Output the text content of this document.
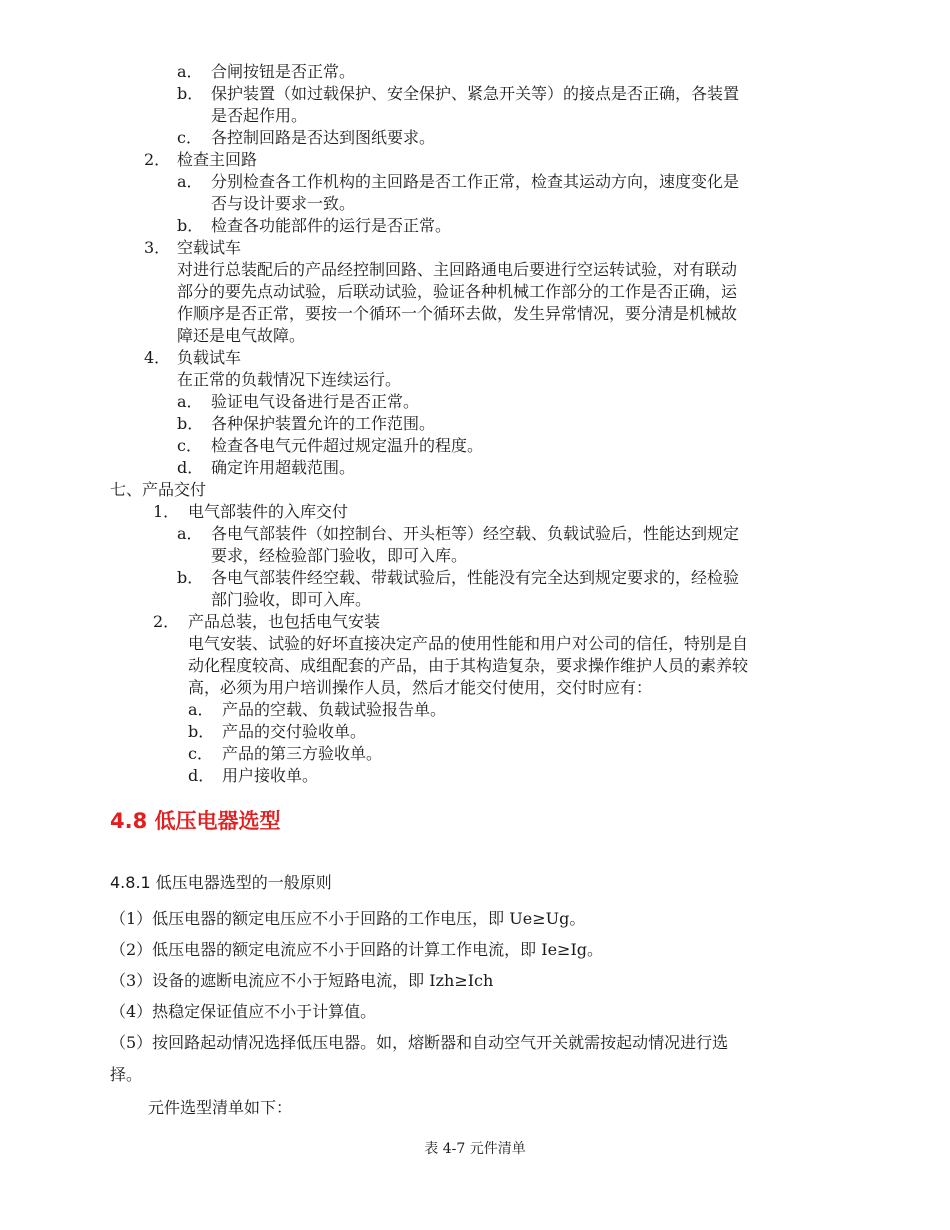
a． 合闸按钮是否正常。
b． 保护装置（如过载保护、安全保护、紧急开关等）的接点是否正确，各装置
是否起作用。
c． 各控制回路是否达到图纸要求。
2． 检查主回路
a． 分别检查各工作机构的主回路是否工作正常，检查其运动方向，速度变化是
否与设计要求一致。
b． 检查各功能部件的运行是否正常。
3． 空载试车
对进行总装配后的产品经控制回路、主回路通电后要进行空运转试验，对有联动
部分的要先点动试验，后联动试验，验证各种机械工作部分的工作是否正确，运
作顺序是否正常，要按一个循环一个循环去做，发生异常情况，要分清是机械故
障还是电气故障。
4． 负载试车
在正常的负载情况下连续运行。
a． 验证电气设备进行是否正常。
b． 各种保护装置允许的工作范围。
c． 检查各电气元件超过规定温升的程度。
d． 确定许用超载范围。
七、产品交付
1． 电气部装件的入库交付
a． 各电气部装件（如控制台、开头柜等）经空载、负载试验后，性能达到规定
要求，经检验部门验收，即可入库。
b． 各电气部装件经空载、带载试验后，性能没有完全达到规定要求的，经检验
部门验收，即可入库。
2． 产品总装，也包括电气安装
电气安装、试验的好坏直接决定产品的使用性能和用户对公司的信任，特别是自
动化程度较高、成组配套的产品，由于其构造复杂，要求操作维护人员的素养较
高，必须为用户培训操作人员，然后才能交付使用，交付时应有：
a． 产品的空载、负载试验报告单。
b． 产品的交付验收单。
c． 产品的第三方验收单。
d． 用户接收单。
4.8 低压电器选型
4.8.1 低压电器选型的一般原则
（1）低压电器的额定电压应不小于回路的工作电压，即 Ue≥Ug。
（2）低压电器的额定电流应不小于回路的计算工作电流，即 Ie≥Ig。
（3）设备的遮断电流应不小于短路电流，即 Izh≥Ich
（4）热稳定保证值应不小于计算值。
（5）按回路起动情况选择低压电器。如，熔断器和自动空气开关就需按起动情况进行选
择。
元件选型清单如下：
表 4-7 元件清单
